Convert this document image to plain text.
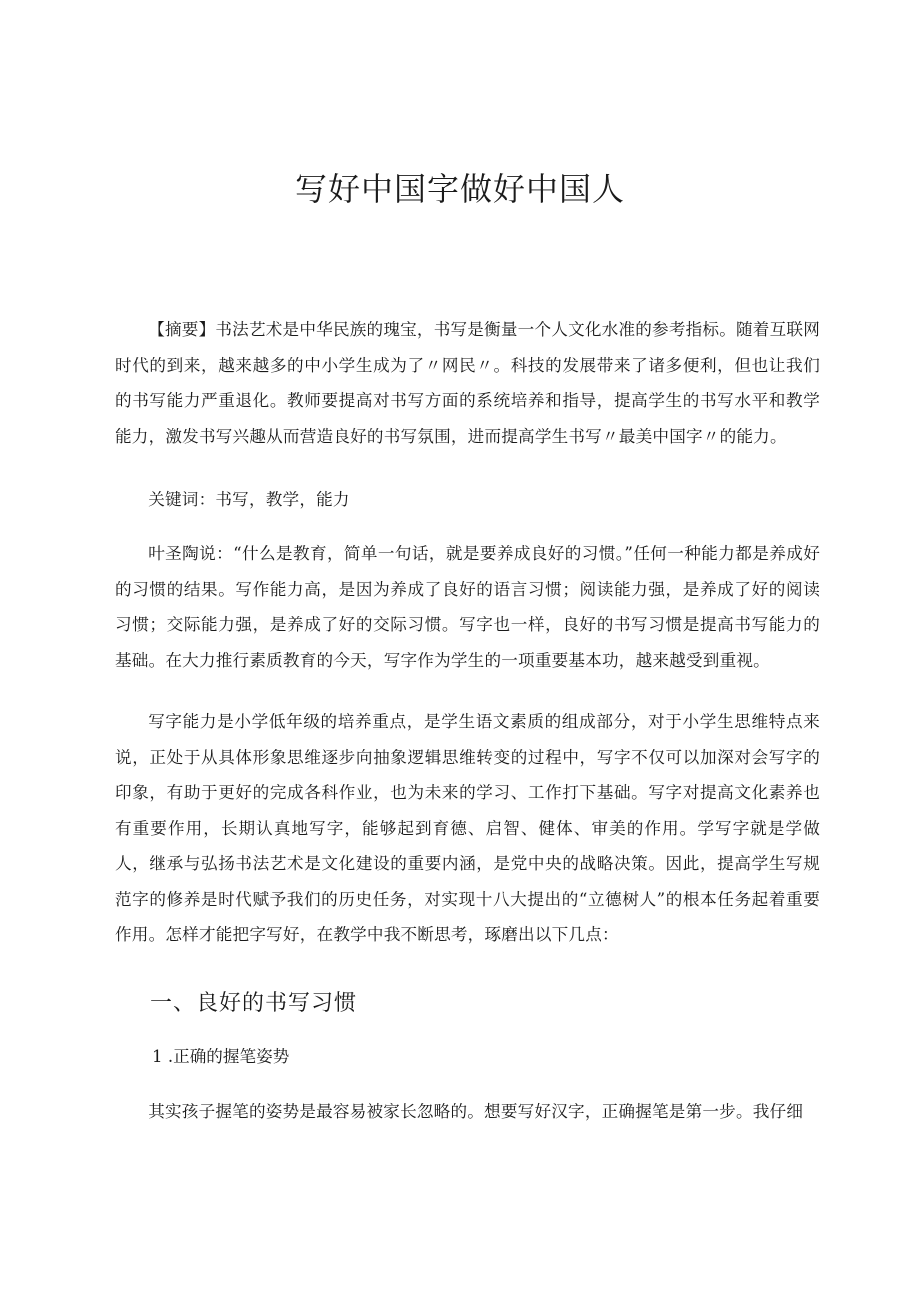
写好中国字做好中国人

【摘要】书法艺术是中华民族的瑰宝，书写是衡量一个人文化水准的参考指标。随着互联网时代的到来，越来越多的中小学生成为了〃网民〃。科技的发展带来了诸多便利，但也让我们的书写能力严重退化。教师要提高对书写方面的系统培养和指导，提高学生的书写水平和教学能力，激发书写兴趣从而营造良好的书写氛围，进而提高学生书写〃最美中国字〃的能力。

关键词：书写，教学，能力

叶圣陶说：“什么是教育，简单一句话，就是要养成良好的习惯。”任何一种能力都是养成好的习惯的结果。写作能力高，是因为养成了良好的语言习惯；阅读能力强，是养成了好的阅读习惯；交际能力强，是养成了好的交际习惯。写字也一样，良好的书写习惯是提高书写能力的基础。在大力推行素质教育的今天，写字作为学生的一项重要基本功，越来越受到重视。

写字能力是小学低年级的培养重点，是学生语文素质的组成部分，对于小学生思维特点来说，正处于从具体形象思维逐步向抽象逻辑思维转变的过程中，写字不仅可以加深对会写字的印象，有助于更好的完成各科作业，也为未来的学习、工作打下基础。写字对提高文化素养也有重要作用，长期认真地写字，能够起到育德、启智、健体、审美的作用。学写字就是学做人，继承与弘扬书法艺术是文化建设的重要内涵，是党中央的战略决策。因此，提高学生写规范字的修养是时代赋予我们的历史任务，对实现十八大提出的“立德树人”的根本任务起着重要作用。怎样才能把字写好，在教学中我不断思考，琢磨出以下几点：

一、良好的书写习惯
1 .正确的握笔姿势

其实孩子握笔的姿势是最容易被家长忽略的。想要写好汉字，正确握笔是第一步。我仔细
